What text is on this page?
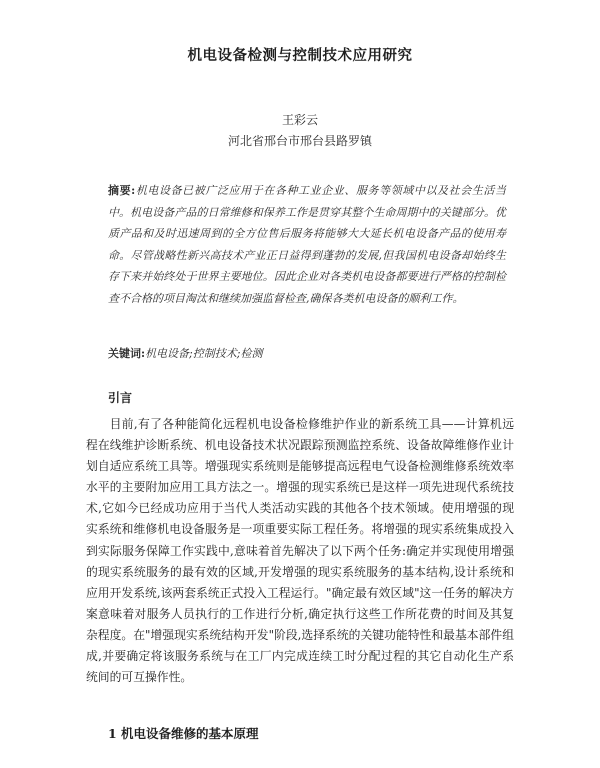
机电设备检测与控制技术应用研究
王彩云
河北省邢台市邢台县路罗镇
摘要:机电设备已被广泛应用于在各种工业企业、服务等领域中以及社会生活当中。机电设备产品的日常维修和保养工作是贯穿其整个生命周期中的关键部分。优质产品和及时迅速周到的全方位售后服务将能够大大延长机电设备产品的使用寿命。尽管战略性新兴高技术产业正日益得到蓬勃的发展,但我国机电设备却始终生存下来并始终处于世界主要地位。因此企业对各类机电设备都要进行严格的控制检查不合格的项目淘汰和继续加强监督检查,确保各类机电设备的顺利工作。
关键词:机电设备;控制技术;检测
引言
目前,有了各种能简化远程机电设备检修维护作业的新系统工具——计算机远程在线维护诊断系统、机电设备技术状况跟踪预测监控系统、设备故障维修作业计划自适应系统工具等。增强现实系统则是能够提高远程电气设备检测维修系统效率水平的主要附加应用工具方法之一。增强的现实系统已是这样一项先进现代系统技术,它如今已经成功应用于当代人类活动实践的其他各个技术领域。使用增强的现实系统和维修机电设备服务是一项重要实际工程任务。将增强的现实系统集成投入到实际服务保障工作实践中,意味着首先解决了以下两个任务:确定并实现使用增强的现实系统服务的最有效的区域,开发增强的现实系统服务的基本结构,设计系统和应用开发系统,该两套系统正式投入工程运行。"确定最有效区域"这一任务的解决方案意味着对服务人员执行的工作进行分析,确定执行这些工作所花费的时间及其复杂程度。在"增强现实系统结构开发"阶段,选择系统的关键功能特性和最基本部件组成,并要确定将该服务系统与在工厂内完成连续工时分配过程的其它自动化生产系统间的可互操作性。
1 机电设备维修的基本原理
